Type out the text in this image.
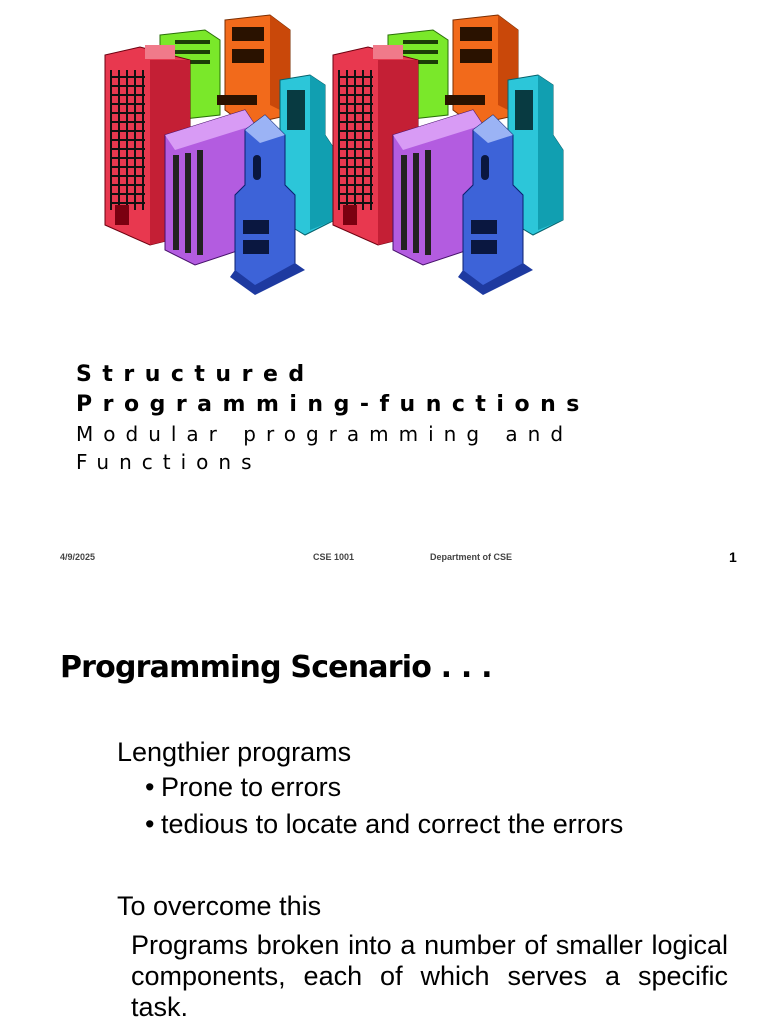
Structured
Programming-functions
Modular programming and
Functions
4/9/2025	CSE 1001	Department of CSE	1
Programming Scenario . . .
Lengthier programs
• Prone to errors
• tedious to locate and correct the errors
To overcome this
Programs broken into a number of smaller logical components, each of which serves a specific task.
